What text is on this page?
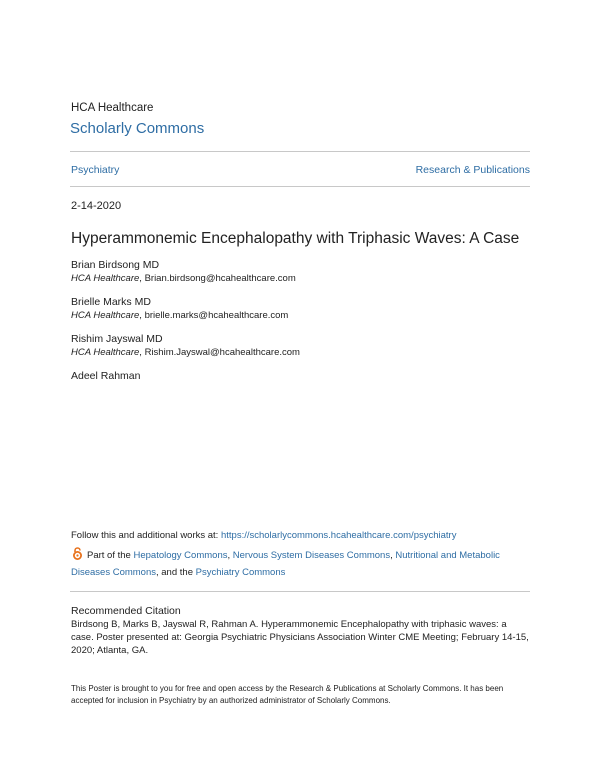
HCA Healthcare
Scholarly Commons
Psychiatry	Research & Publications
2-14-2020
Hyperammonemic Encephalopathy with Triphasic Waves: A Case
Brian Birdsong MD
HCA Healthcare, Brian.birdsong@hcahealthcare.com
Brielle Marks MD
HCA Healthcare, brielle.marks@hcahealthcare.com
Rishim Jayswal MD
HCA Healthcare, Rishim.Jayswal@hcahealthcare.com
Adeel Rahman
Follow this and additional works at: https://scholarlycommons.hcahealthcare.com/psychiatry
Part of the Hepatology Commons, Nervous System Diseases Commons, Nutritional and Metabolic Diseases Commons, and the Psychiatry Commons
Recommended Citation
Birdsong B, Marks B, Jayswal R, Rahman A. Hyperammonemic Encephalopathy with triphasic waves: a case. Poster presented at: Georgia Psychiatric Physicians Association Winter CME Meeting; February 14-15, 2020; Atlanta, GA.
This Poster is brought to you for free and open access by the Research & Publications at Scholarly Commons. It has been accepted for inclusion in Psychiatry by an authorized administrator of Scholarly Commons.
